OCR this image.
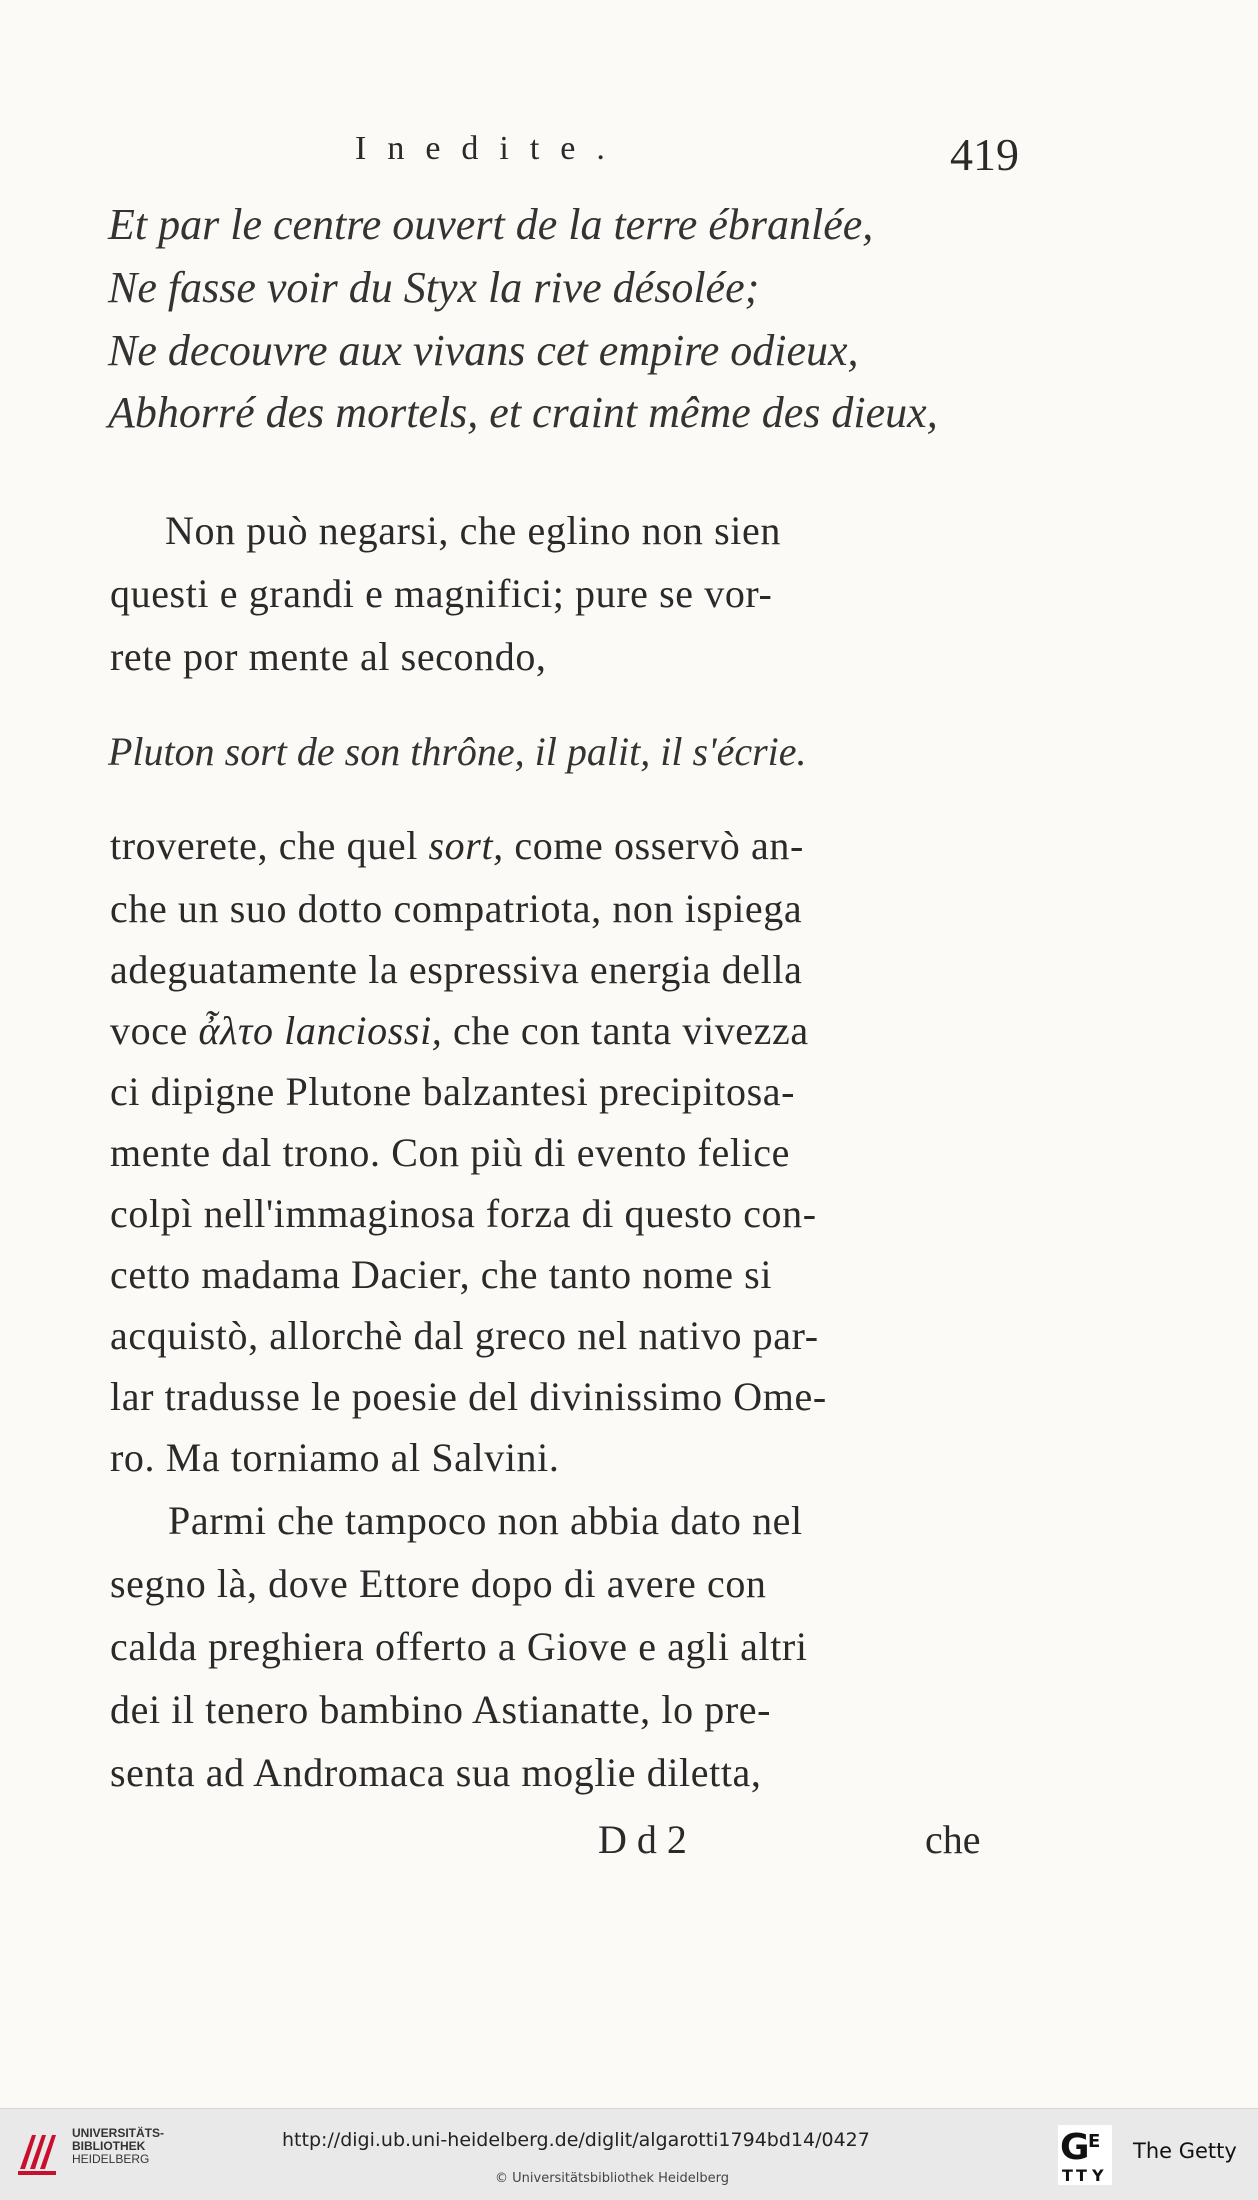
Inedite.	419
Et par le centre ouvert de la terre ébranlée,
Ne fasse voir du Styx la rive désolée;
Ne decouvre aux vivans cet empire odieux,
Abhorré des mortels, et craint même des dieux,
Non può negarsi, che eglino non sien
questi e grandi e magnifici; pure se vor-
rete por mente al secondo,
Pluton sort de son thrône, il palit, il s'écrie.
troverete, che quel sort, come osservò an-
che un suo dotto compatriota, non ispiega
adeguatamente la espressiva energia della
voce ἆλτο lanciossi, che con tanta vivezza
ci dipigne Plutone balzantesi precipitosa-
mente dal trono. Con più di evento felice
colpì nell'immaginosa forza di questo con-
cetto madama Dacier, che tanto nome si
acquistò, allorchè dal greco nel nativo par-
lar tradusse le poesie del divinissimo Ome-
ro. Ma torniamo al Salvini.
Parmi che tampoco non abbia dato nel
segno là, dove Ettore dopo di avere con
calda preghiera offerto a Giove e agli altri
dei il tenero bambino Astianatte, lo pre-
senta ad Andromaca sua moglie diletta,
D d 2	che
UNIVERSITÄTS-
BIBLIOTHEK
HEIDELBERG
http://digi.ub.uni-heidelberg.de/diglit/algarotti1794bd14/0427
© Universitätsbibliothek Heidelberg
G
E
T T Y
The Getty
